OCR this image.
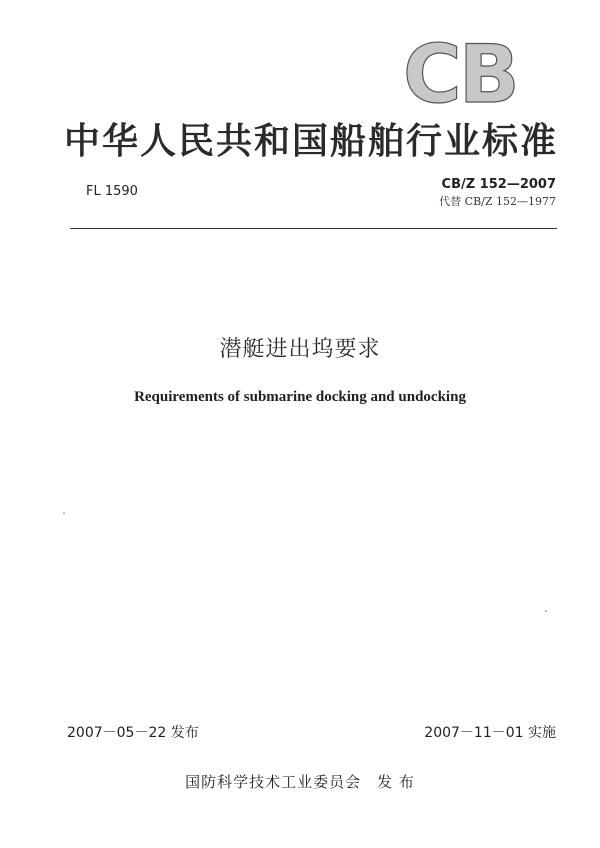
CB
中华人民共和国船舶行业标准
FL 1590	CB/Z 152—2007
代替 CB/Z 152—1977
潜艇进出坞要求
Requirements of submarine docking and undocking
2007－05－22 发布	2007－11－01 实施
国防科学技术工业委员会 发 布
